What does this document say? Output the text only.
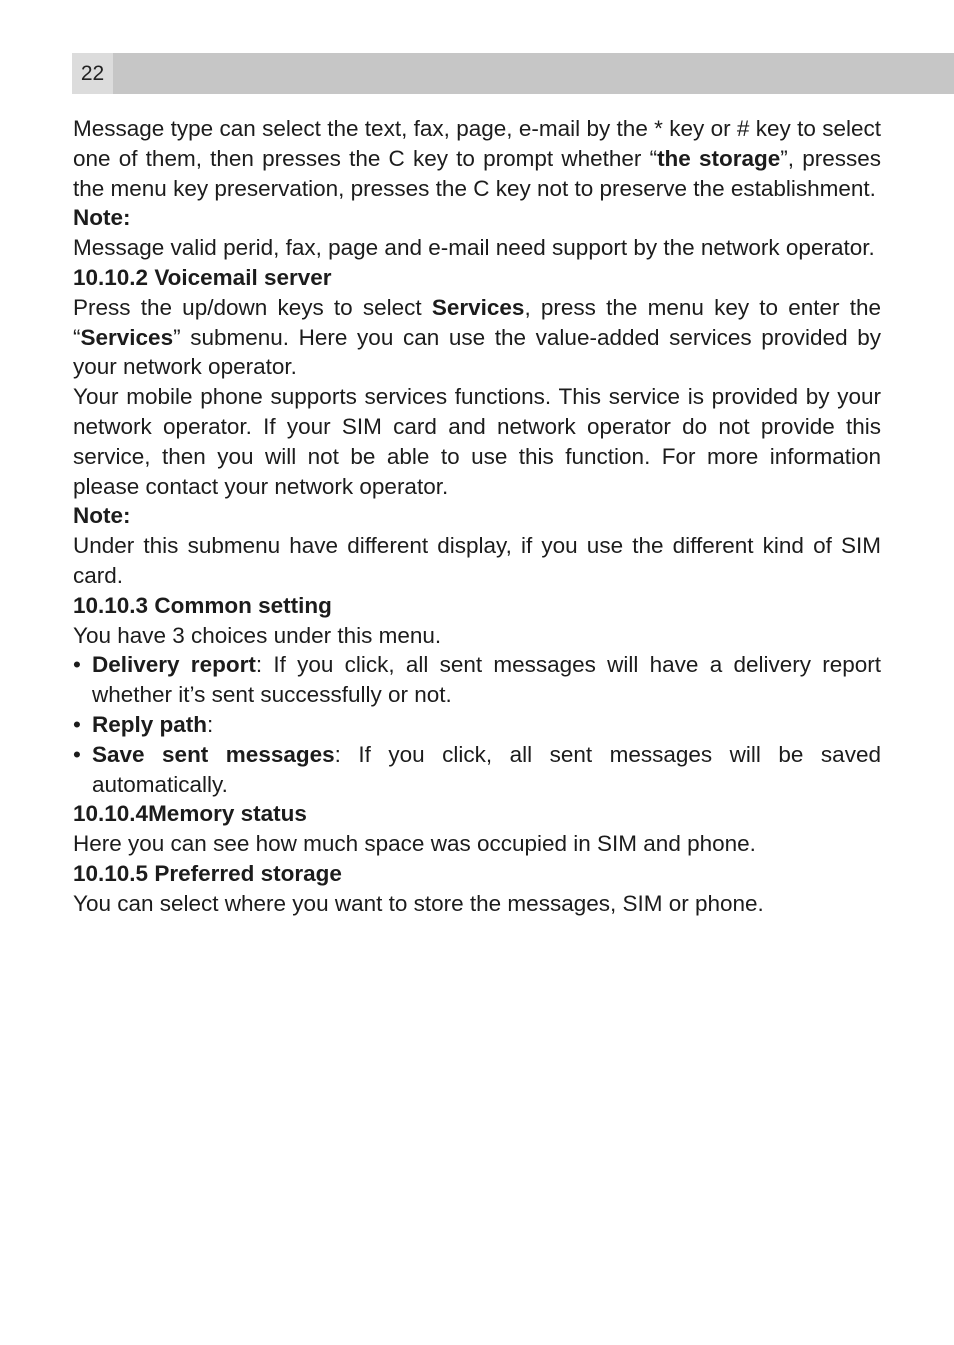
22

Message type can select the text, fax, page, e-mail by the * key or # key to select one of them, then presses the C key to prompt whether “the storage”, presses the menu key preservation, presses the C key not to preserve the establishment.

Note:

Message valid perid, fax, page and e-mail need support by the network operator.

10.10.2 Voicemail server

Press the up/down keys to select Services, press the menu key to enter the “Services” submenu. Here you can use the value-added services provided by your network operator.

Your mobile phone supports services functions. This service is provided by your network operator. If your SIM card and network operator do not provide this service, then you will not be able to use this function. For more information please contact your network operator.

Note:

Under this submenu have different display, if you use the different kind of SIM card.

10.10.3 Common setting

You have 3 choices under this menu.

• Delivery report: If you click, all sent messages will have a delivery report whether it’s sent successfully or not.
• Reply path:
• Save sent messages: If you click, all sent messages will be saved automatically.

10.10.4Memory status

Here you can see how much space was occupied in SIM and phone.

10.10.5 Preferred storage

You can select where you want to store the messages, SIM or phone.
